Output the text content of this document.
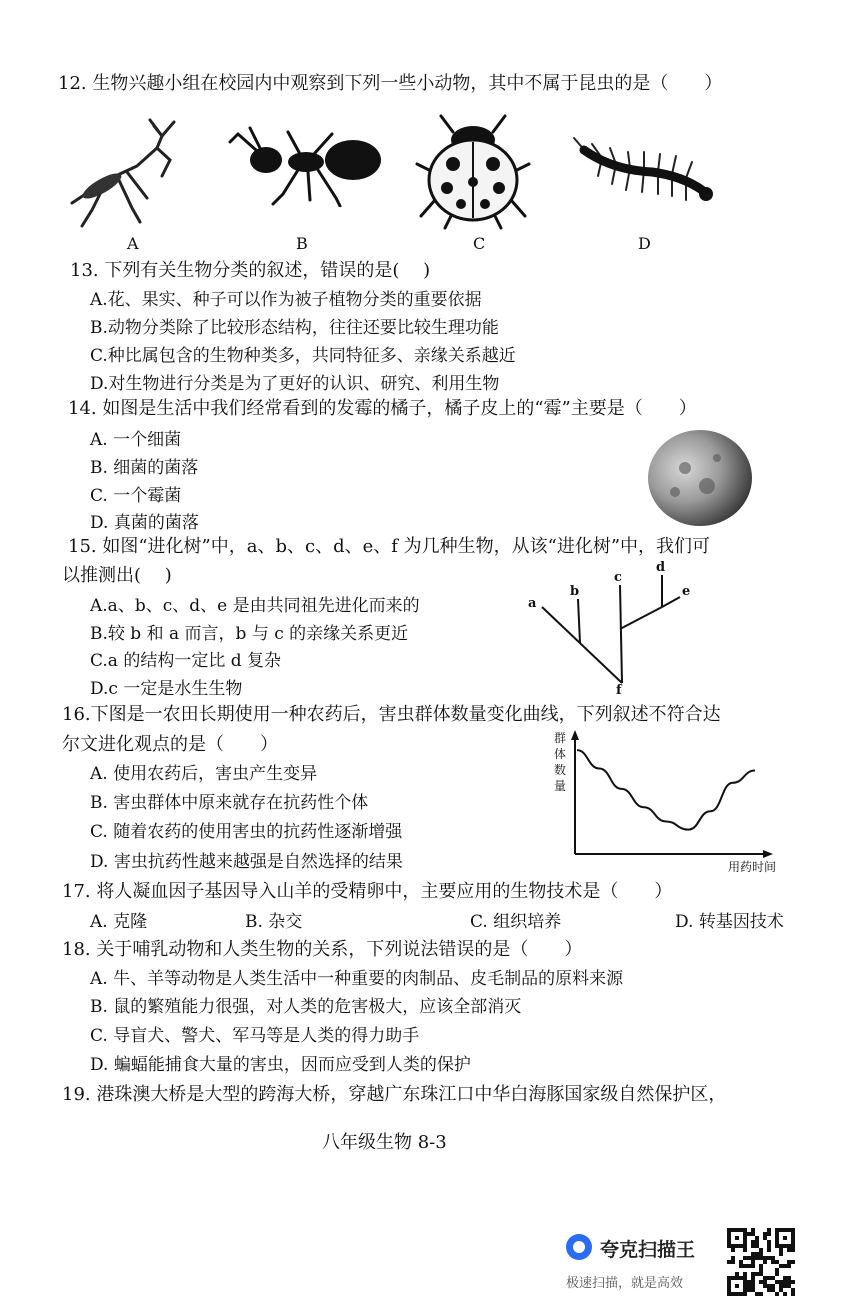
12. 生物兴趣小组在校园内中观察到下列一些小动物，其中不属于昆虫的是（　　）
A	B	C	D
13. 下列有关生物分类的叙述，错误的是(　 )
A.花、果实、种子可以作为被子植物分类的重要依据
B.动物分类除了比较形态结构，往往还要比较生理功能
C.种比属包含的生物种类多，共同特征多、亲缘关系越近
D.对生物进行分类是为了更好的认识、研究、利用生物
14. 如图是生活中我们经常看到的发霉的橘子，橘子皮上的“霉”主要是（　　）
A. 一个细菌
B. 细菌的菌落
C. 一个霉菌
D. 真菌的菌落
15. 如图“进化树”中，a、b、c、d、e、f 为几种生物，从该“进化树”中，我们可
以推测出(　 )
A.a、b、c、d、e 是由共同祖先进化而来的
B.较 b 和 a 而言，b 与 c 的亲缘关系更近
C.a 的结构一定比 d 复杂
D.c 一定是水生生物
a
b
c
d
e
f
16.下图是一农田长期使用一种农药后，害虫群体数量变化曲线，下列叙述不符合达
尔文进化观点的是（　　）
A. 使用农药后，害虫产生变异
B. 害虫群体中原来就存在抗药性个体
C. 随着农药的使用害虫的抗药性逐渐增强
D. 害虫抗药性越来越强是自然选择的结果
群体数量
用药时间
17. 将人凝血因子基因导入山羊的受精卵中，主要应用的生物技术是（　　）
A. 克隆	B. 杂交	C. 组织培养	D. 转基因技术
18. 关于哺乳动物和人类生物的关系，下列说法错误的是（　　）
A. 牛、羊等动物是人类生活中一种重要的肉制品、皮毛制品的原料来源
B. 鼠的繁殖能力很强，对人类的危害极大，应该全部消灭
C. 导盲犬、警犬、军马等是人类的得力助手
D. 蝙蝠能捕食大量的害虫，因而应受到人类的保护
19. 港珠澳大桥是大型的跨海大桥，穿越广东珠江口中华白海豚国家级自然保护区，
八年级生物 8-3
夸克扫描王
极速扫描，就是高效
